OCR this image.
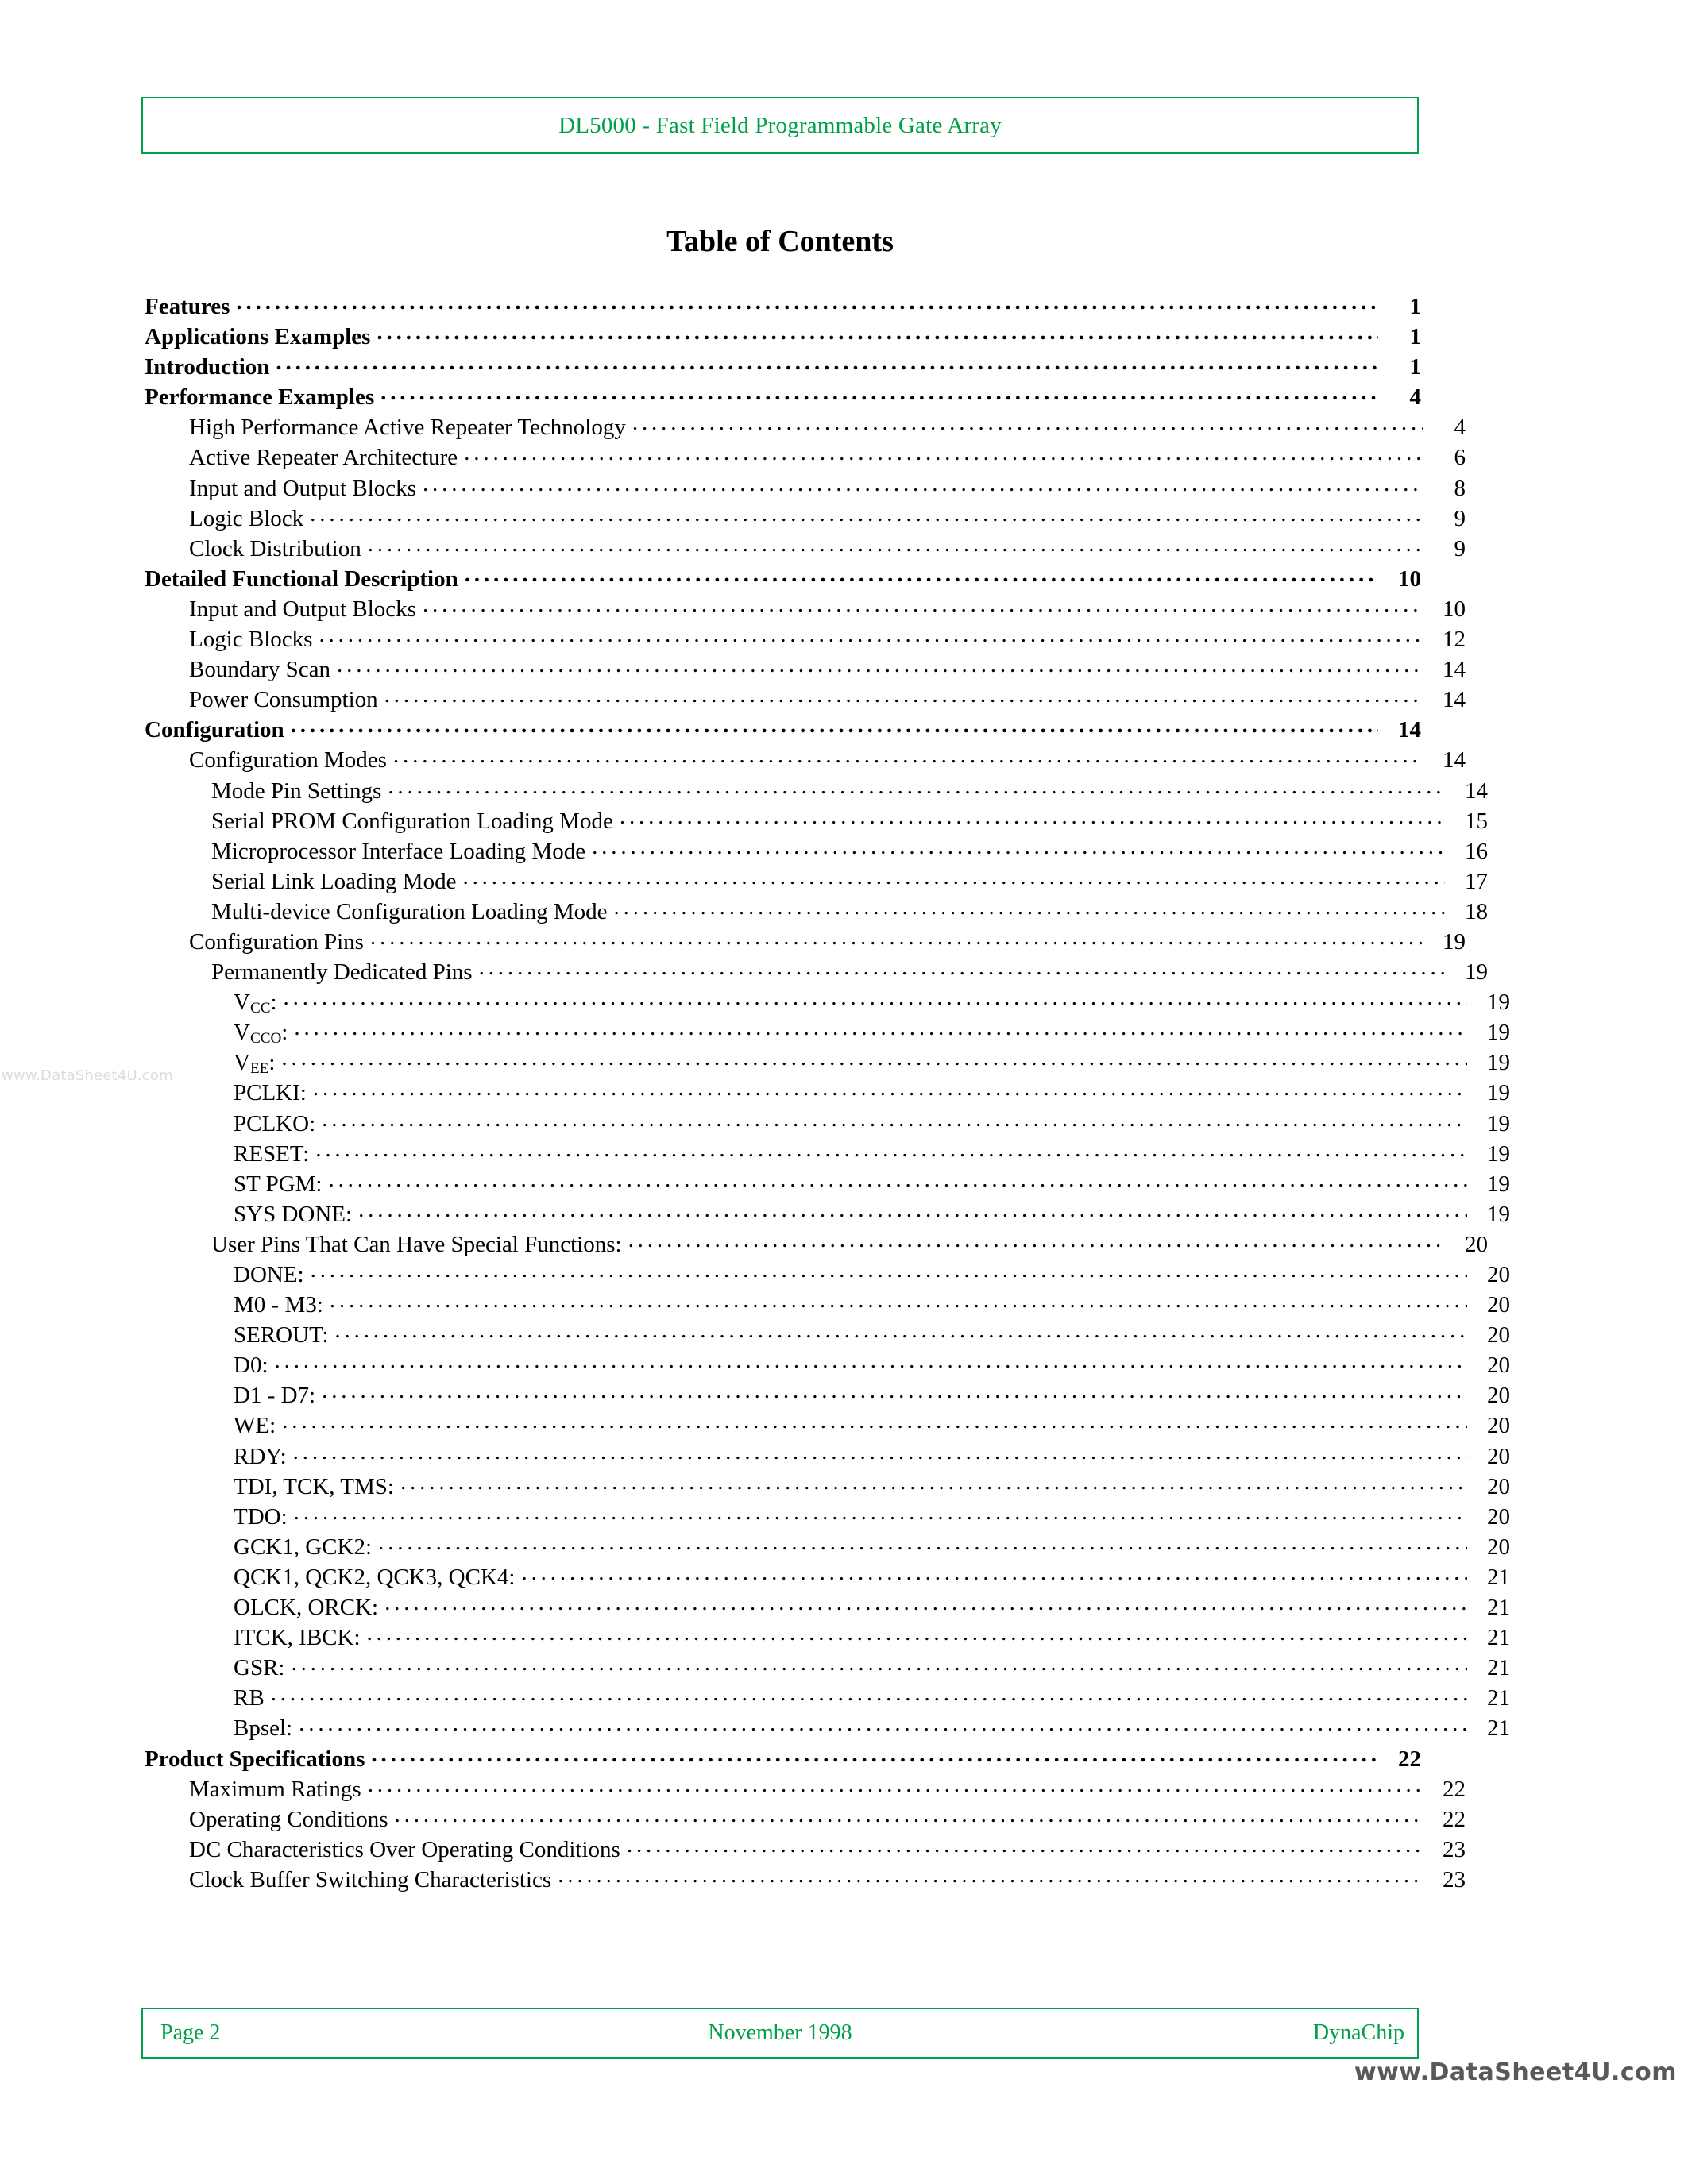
DL5000 - Fast Field Programmable Gate Array
Table of Contents
Features . . .	1
Applications Examples . . .	1
Introduction . . .	1
Performance Examples . . .	4
High Performance Active Repeater Technology . . .	4
Active Repeater Architecture . . .	6
Input and Output Blocks . . .	8
Logic Block . . .	9
Clock Distribution . . .	9
Detailed Functional Description . . .	10
Input and Output Blocks . . .	10
Logic Blocks . . .	12
Boundary Scan . . .	14
Power Consumption . . .	14
Configuration . . .	14
Configuration Modes . . .	14
Mode Pin Settings . . .	14
Serial PROM Configuration Loading Mode . . .	15
Microprocessor Interface Loading Mode . . .	16
Serial Link Loading Mode . . .	17
Multi-device Configuration Loading Mode . . .	18
Configuration Pins . . .	19
Permanently Dedicated Pins . . .	19
$V_{CC}$: . . .	19
$V_{CCO}$: . . .	19
$V_{EE}$: . . .	19
PCLKI: . . .	19
PCLKO: . . .	19
RESET: . . .	19
ST PGM: . . .	19
SYS DONE: . . .	19
User Pins That Can Have Special Functions: . . .	20
DONE: . . .	20
M0 - M3: . . .	20
SEROUT: . . .	20
D0: . . .	20
D1 - D7: . . .	20
WE: . . .	20
RDY: . . .	20
TDI, TCK, TMS: . . .	20
TDO: . . .	20
GCK1, GCK2: . . .	20
QCK1, QCK2, QCK3, QCK4: . . .	21
OLCK, ORCK: . . .	21
ITCK, IBCK: . . .	21
GSR: . . .	21
RB . . .	21
Bpsel: . . .	21
Product Specifications . . .	22
Maximum Ratings . . .	22
Operating Conditions . . .	22
DC Characteristics Over Operating Conditions . . .	23
Clock Buffer Switching Characteristics . . .	23
Page 2	November 1998	DynaChip
www.DataSheet4U.com
www.DataSheet4U.com
